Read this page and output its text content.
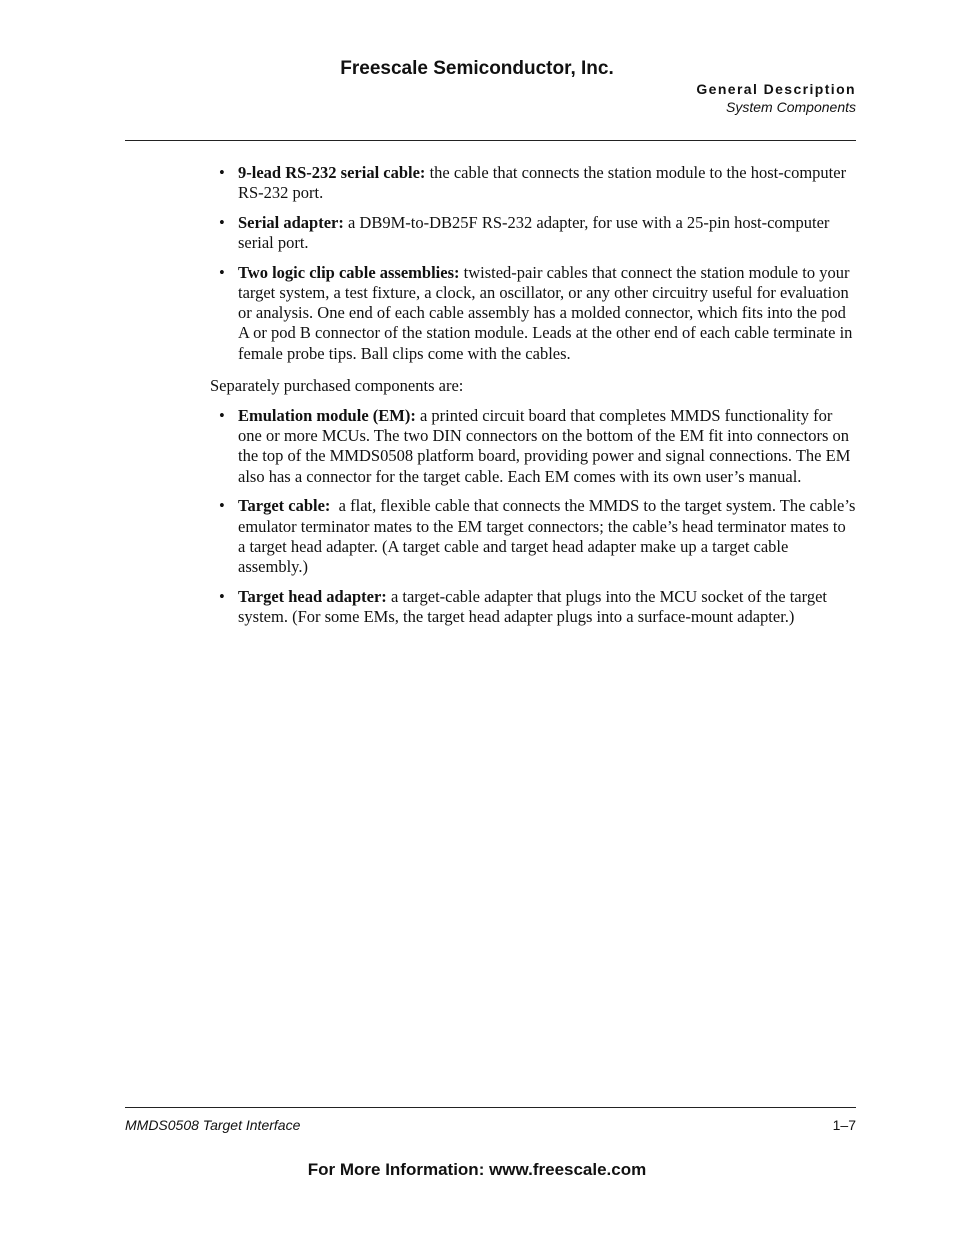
Freescale Semiconductor, Inc.
General Description
System Components
• 9-lead RS-232 serial cable: the cable that connects the station module to the host-computer RS-232 port.
• Serial adapter: a DB9M-to-DB25F RS-232 adapter, for use with a 25-pin host-computer serial port.
• Two logic clip cable assemblies: twisted-pair cables that connect the station module to your target system, a test fixture, a clock, an oscillator, or any other circuitry useful for evaluation or analysis. One end of each cable assembly has a molded connector, which fits into the pod A or pod B connector of the station module. Leads at the other end of each cable terminate in female probe tips. Ball clips come with the cables.

Separately purchased components are:

• Emulation module (EM): a printed circuit board that completes MMDS functionality for one or more MCUs. The two DIN connectors on the bottom of the EM fit into connectors on the top of the MMDS0508 platform board, providing power and signal connections. The EM also has a connector for the target cable. Each EM comes with its own user’s manual.
• Target cable:  a flat, flexible cable that connects the MMDS to the target system. The cable’s emulator terminator mates to the EM target connectors; the cable’s head terminator mates to a target head adapter. (A target cable and target head adapter make up a target cable assembly.)
• Target head adapter: a target-cable adapter that plugs into the MCU socket of the target system. (For some EMs, the target head adapter plugs into a surface-mount adapter.)
MMDS0508 Target Interface	1–7
For More Information: www.freescale.com
